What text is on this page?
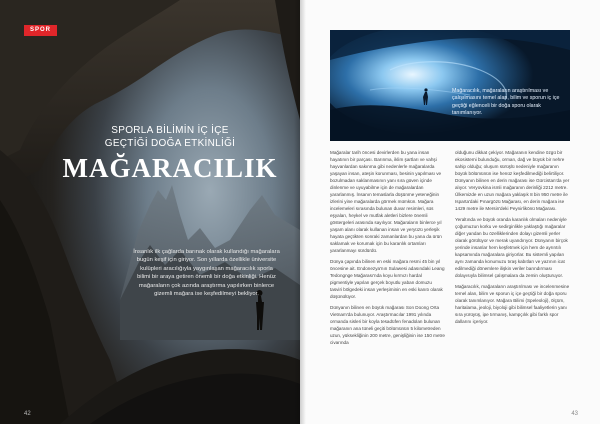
SPOR
SPORLA BİLİMİN İÇ İÇE
GEÇTİĞİ DOĞA ETKİNLİĞİ
MAĞARACILIK
İnsanlık ilk çağlarda barınak olarak kullandığı mağaralara bugün keşif için giriyor. Son yıllarda özellikle üniversite kulüpleri aracılığıyla yaygınlaşan mağaracılık sporla bilimi bir araya getiren önemli bir doğa etkinliği. Henüz mağaraların çok azında araştırma yapılırken binlerce gizemli mağara ise keşfedilmeyi bekliyor.
42
Mağaracılık, mağaraların araştırılması ve çalışılmasını temel alan, bilim ve sporun iç içe geçtiği eğlenceli bir doğa sporu olarak tanımlanıyor.

Mağaralar tarih öncesi devirlerden bu yana insan hayatının bir parçası. Barınma, iklim şartları ve vahşi hayvanlardan sakınma gibi nedenlerle mağaralarda yaşayan insan, ateşin korunması, besinin yapılması ve bozulmadan saklanmasının yanı sıra güven içinde dinlenme ve uyuyabilme için de mağaralardan yararlanmış. İnsanın temaslarla düşünme yeteneğinin izlerini yine mağaralarda görmek mümkün. Mağara incelemeleri sırasında bulunan duvar resimleri, süs eşyaları, heykel ve mutfak aletleri bizlere önemli göstergeleri arasında sayılıyor. Mağaraların binlerce yıl yaşam alanı olarak kullanan insan ve yeryüzü yerleşik hayata geçtikten sonraki zamanlardan bu yana da ürün saklamak ve korumak için bu karanlık ortamları yararlanmayı sürdürdü.

Dünya çapında bilinen en eski mağara resmi 45 bin yıl öncesine ait. Endonezya'nın Sulawesi adasındaki Leang Tedongnge Mağarası'nda koyu kırmızı hardal pigmentiyle yapılan gerçek boyutlu yaban domuzu tasviri bölgedeki insan yerleşiminin en eski kanıtı olarak düşünülüyor.

Dünyanın bilinen en büyük mağarası Son Doong Orta Vietnam'da bulunuyor. Araştırmacılar 1991 yılında ormanda sisleri bir koyla tesadüfen fenadolan bulunan mağaranın ana tüneli geçiti bölümünün 5 kilometreden uzun, yüksekliğinin 200 metre, genişliğinin ise 150 metre civarında

olduğunu dikkat çekiyor. Mağaranın kendine özgü bir ekosistemi bulunduğu, orman, dağ ve büyük bir nehre sahip olduğu; oluşum sürüşlü nedeniyle mağaranın büyük bölümünün ise henüz keşfedilmediği belirtiliyor. Dünyanın bilinen en derin mağarası ise Gürcistan'da yer alıyor. Veryovkina ismli mağaranın derinliği 2212 metre. Ülkemizde en uzun mağara yaklaşık 8 bin 950 metre ile Isparta'daki Pınargözü Mağarası, en derin mağara ise 1429 metre ile Mersin'deki Peynirlikönü Mağarası.

Yeraltında ve büyük oranda karanlık olmaları nedeniyle çoğumuzun korku ve sedirginlikle yaklaştığı mağaralar diğer yandan bu özelliklerinden dolayı gizemli yerler olarak görülüyor ve merak uyandırıyor. Dünyanın birçok yerinde insanlar hem keşfetmek için hem de ayrıntılı kapsamında mağaralara giriyorlar. Bu sistemli yapılan aynı zamanda konumuzu tıraş kabıtları ve yazının icat edilmediği dönemlere ilişkin veriler barındırması dolayısıyla bilimsel çalışmalara da zemin oluşturuyor.

Mağaracılık, mağaraların araştırılması ve incelenmesine temel alan, bilim ve sporun iç içe geçtiği bir doğa sporu olarak tanımlanıyor. Mağara Bilimi (Speleoloji), ölçüm, haritalama, jeoloji, biyoloji gibi bilimsel faaliyetlerin yanı sıra yürüyüş, ipe tırmanış, kampçılık gibi farklı spor dallarını içeriyor.

43
